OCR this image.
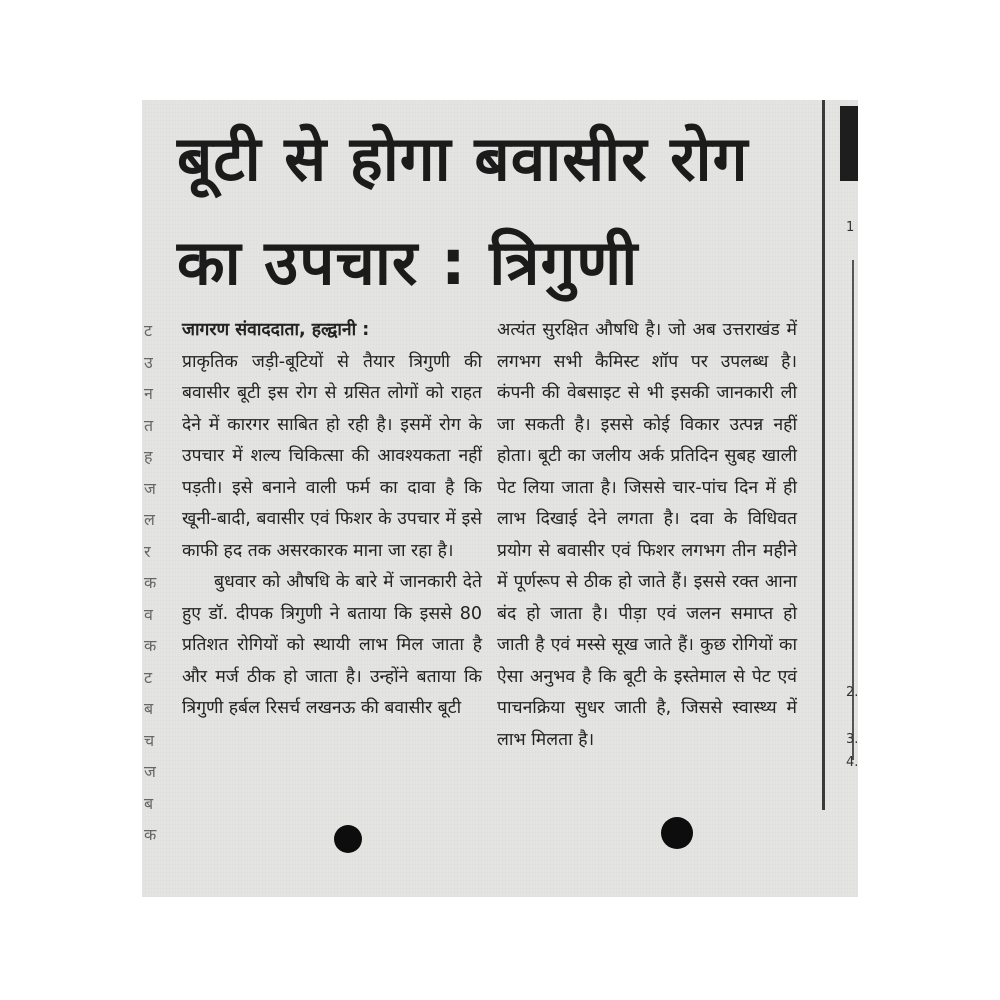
ट
उ
न
त
ह
ज
ल
र
क
व
क
ट
ब
च
ज
ब
क
बूटी से होगा बवासीर रोग
का उपचार : त्रिगुणी

जागरण संवाददाता, हल्द्वानी :

प्राकृतिक जड़ी-बूटियों से तैयार त्रिगुणी की बवासीर बूटी इस रोग से ग्रसित लोगों को राहत देने में कारगर साबित हो रही है। इसमें रोग के उपचार में शल्य चिकित्सा की आवश्यकता नहीं पड़ती। इसे बनाने वाली फर्म का दावा है कि खूनी-बादी, बवासीर एवं फिशर के उपचार में इसे काफी हद तक असरकारक माना जा रहा है।

बुधवार को औषधि के बारे में जानकारी देते हुए डॉ. दीपक त्रिगुणी ने बताया कि इससे 80 प्रतिशत रोगियों को स्थायी लाभ मिल जाता है और मर्ज ठीक हो जाता है। उन्होंने बताया कि त्रिगुणी हर्बल रिसर्च लखनऊ की बवासीर बूटी

अत्यंत सुरक्षित औषधि है। जो अब उत्तराखंड में लगभग सभी कैमिस्ट शॉप पर उपलब्ध है। कंपनी की वेबसाइट से भी इसकी जानकारी ली जा सकती है। इससे कोई विकार उत्पन्न नहीं होता। बूटी का जलीय अर्क प्रतिदिन सुबह खाली पेट लिया जाता है। जिससे चार-पांच दिन में ही लाभ दिखाई देने लगता है। दवा के विधिवत प्रयोग से बवासीर एवं फिशर लगभग तीन महीने में पूर्णरूप से ठीक हो जाते हैं। इससे रक्त आना बंद हो जाता है। पीड़ा एवं जलन समाप्त हो जाती है एवं मस्से सूख जाते हैं। कुछ रोगियों का ऐसा अनुभव है कि बूटी के इस्तेमाल से पेट एवं पाचनक्रिया सुधर जाती है, जिससे स्वास्थ्य में लाभ मिलता है।

1
2.
3.
4.
